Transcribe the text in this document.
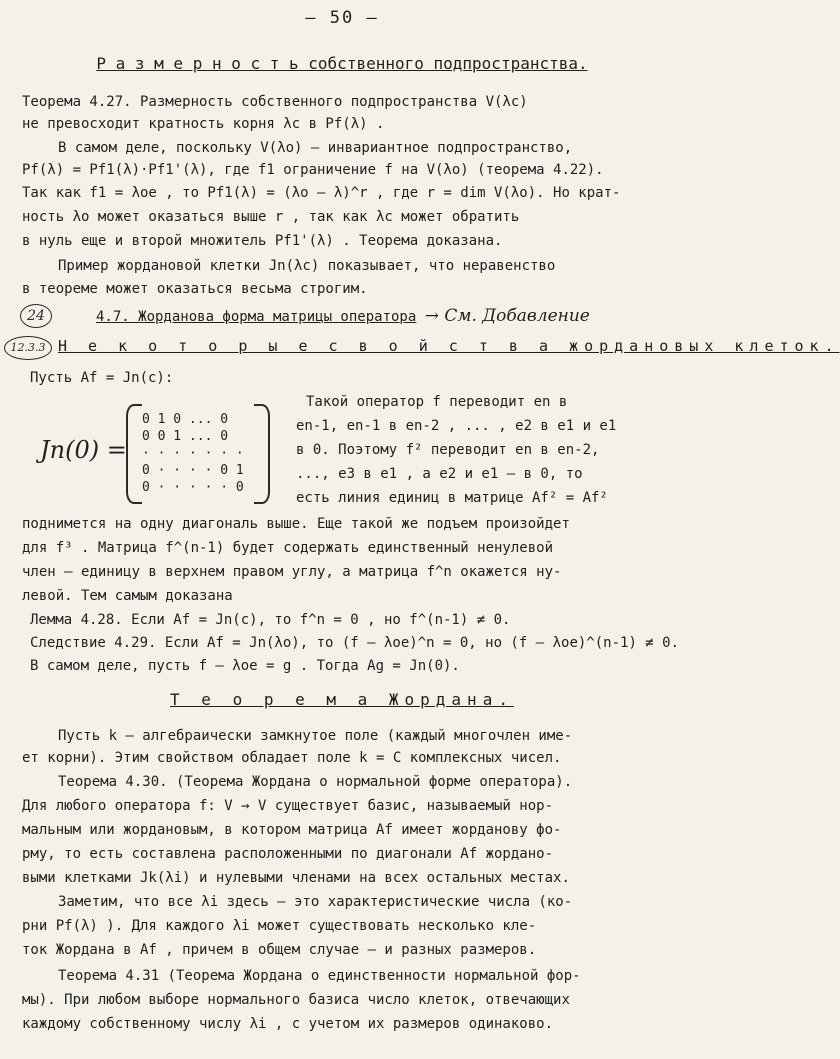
– 50 –
Р а з м е р н о с т ь собственного подпространства.
Теорема 4.27. Размерность собственного подпространства V(λc)
не превосходит кратность корня λc в Pf(λ) .
В самом деле, поскольку V(λo) – инвариантное подпространство,
Pf(λ) = Pf1(λ)·Pf1'(λ), где f1 ограничение f на V(λo) (теорема 4.22).
Так как f1 = λoe , то Pf1(λ) = (λo – λ)^r , где r = dim V(λo). Но крат-
ность λo может оказаться выше r , так как λc может обратить
в нуль еще и второй множитель Pf1'(λ) . Теорема доказана.
Пример жордановой клетки Jn(λc) показывает, что неравенство
в теореме может оказаться весьма строгим.
24	4.7. Жорданова форма матрицы оператора → См. Добавление
12.3.3 Н е к о т о р ы е с в о й с т в а жордановых клеток.
Пусть Af = Jn(c):
Jn(0) =
0 1 0 ... 0
0 0 1 ... 0
· · · · · · ·
0 · · · · 0 1
0 · · · · · 0
Такой оператор f переводит en в
en-1, en-1 в en-2 , ... , e2 в e1 и e1
в 0. Поэтому f² переводит en в en-2,
..., e3 в e1 , а e2 и e1 – в 0, то
есть линия единиц в матрице Af² = Af²
поднимется на одну диагональ выше. Еще такой же подъем произойдет
для f³ . Матрица f^(n-1) будет содержать единственный ненулевой
член – единицу в верхнем правом углу, а матрица f^n окажется ну-
левой. Тем самым доказана
Лемма 4.28. Если Af = Jn(c), то f^n = 0 , но f^(n-1) ≠ 0.
Следствие 4.29. Если Af = Jn(λo), то (f – λoe)^n = 0, но (f – λoe)^(n-1) ≠ 0.
В самом деле, пусть f – λoe = g . Тогда Ag = Jn(0).
Т е о р е м а Жордана.
Пусть k – алгебраически замкнутое поле (каждый многочлен име-
ет корни). Этим свойством обладает поле k = C комплексных чисел.
Теорема 4.30. (Теорема Жордана о нормальной форме оператора).
Для любого оператора f: V → V существует базис, называемый нор-
мальным или жордановым, в котором матрица Af имеет жорданову фо-
рму, то есть составлена расположенными по диагонали Af жордано-
выми клетками Jk(λi) и нулевыми членами на всех остальных местах.
Заметим, что все λi здесь – это характеристические числа (ко-
рни Pf(λ) ). Для каждого λi может существовать несколько кле-
ток Жордана в Af , причем в общем случае – и разных размеров.
Теорема 4.31 (Теорема Жордана о единственности нормальной фор-
мы). При любом выборе нормального базиса число клеток, отвечающих
каждому собственному числу λi , с учетом их размеров одинаково.
